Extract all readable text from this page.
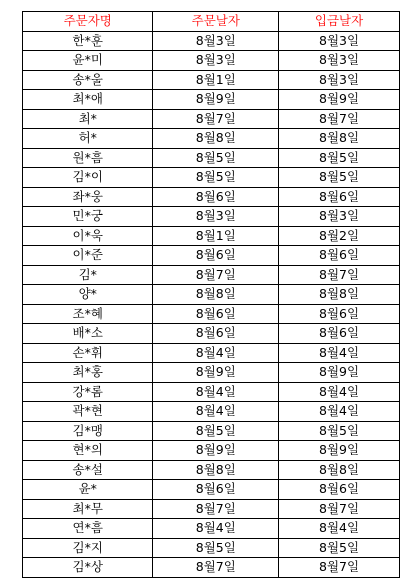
주문자명	주문날자	입금날자
한*훈	8월3일	8월3일
윤*미	8월3일	8월3일
송*울	8월1일	8월3일
최*애	8월9일	8월9일
최*	8월7일	8월7일
허*	8월8일	8월8일
원*흠	8월5일	8월5일
김*이	8월5일	8월5일
좌*웅	8월6일	8월6일
민*궁	8월3일	8월3일
이*욱	8월1일	8월2일
이*준	8월6일	8월6일
김*	8월7일	8월7일
양*	8월8일	8월8일
조*혜	8월6일	8월6일
배*소	8월6일	8월6일
손*휘	8월4일	8월4일
최*홍	8월9일	8월9일
강*롬	8월4일	8월4일
곽*현	8월4일	8월4일
김*맹	8월5일	8월5일
현*의	8월9일	8월9일
송*설	8월8일	8월8일
윤*	8월6일	8월6일
최*무	8월7일	8월7일
연*흠	8월4일	8월4일
김*지	8월5일	8월5일
김*상	8월7일	8월7일
